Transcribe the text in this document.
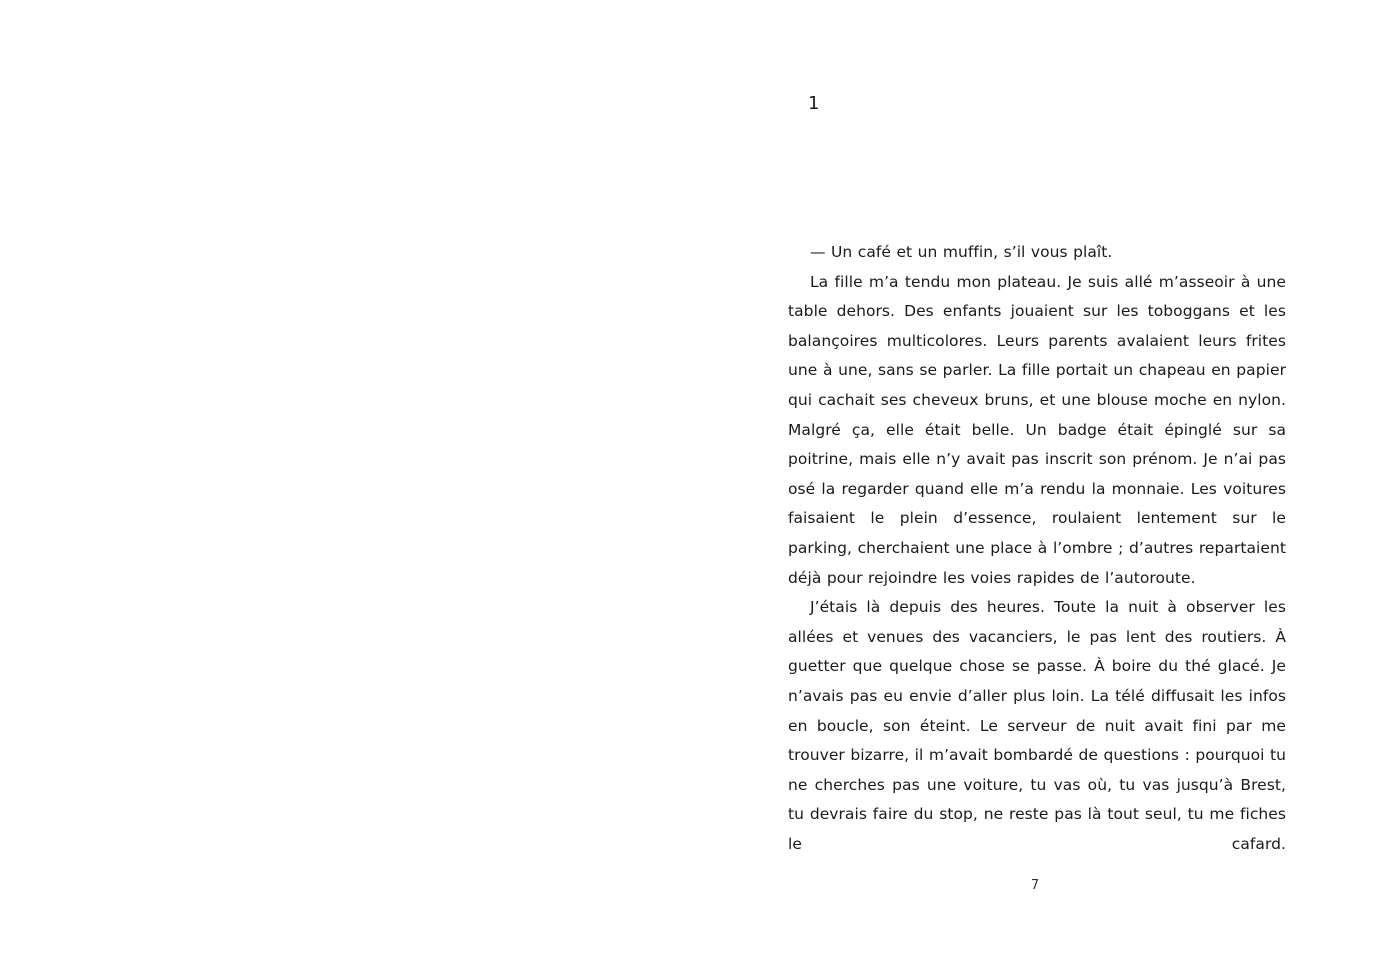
1

— Un café et un muffin, s’il vous plaît.

La fille m’a tendu mon plateau. Je suis allé m’asseoir à une table dehors. Des enfants jouaient sur les toboggans et les balançoires multicolores. Leurs parents avalaient leurs frites une à une, sans se parler. La fille portait un chapeau en papier qui cachait ses cheveux bruns, et une blouse moche en nylon. Malgré ça, elle était belle. Un badge était épinglé sur sa poitrine, mais elle n’y avait pas inscrit son prénom. Je n’ai pas osé la regarder quand elle m’a rendu la monnaie. Les voitures faisaient le plein d’essence, roulaient lentement sur le parking, cherchaient une place à l’ombre ; d’autres repartaient déjà pour rejoindre les voies rapides de l’autoroute.

J’étais là depuis des heures. Toute la nuit à observer les allées et venues des vacanciers, le pas lent des routiers. À guetter que quelque chose se passe. À boire du thé glacé. Je n’avais pas eu envie d’aller plus loin. La télé diffusait les infos en boucle, son éteint. Le serveur de nuit avait fini par me trouver bizarre, il m’avait bombardé de questions : pourquoi tu ne cherches pas une voiture, tu vas où, tu vas jusqu’à Brest, tu devrais faire du stop, ne reste pas là tout seul, tu me fiches le cafard.

7
